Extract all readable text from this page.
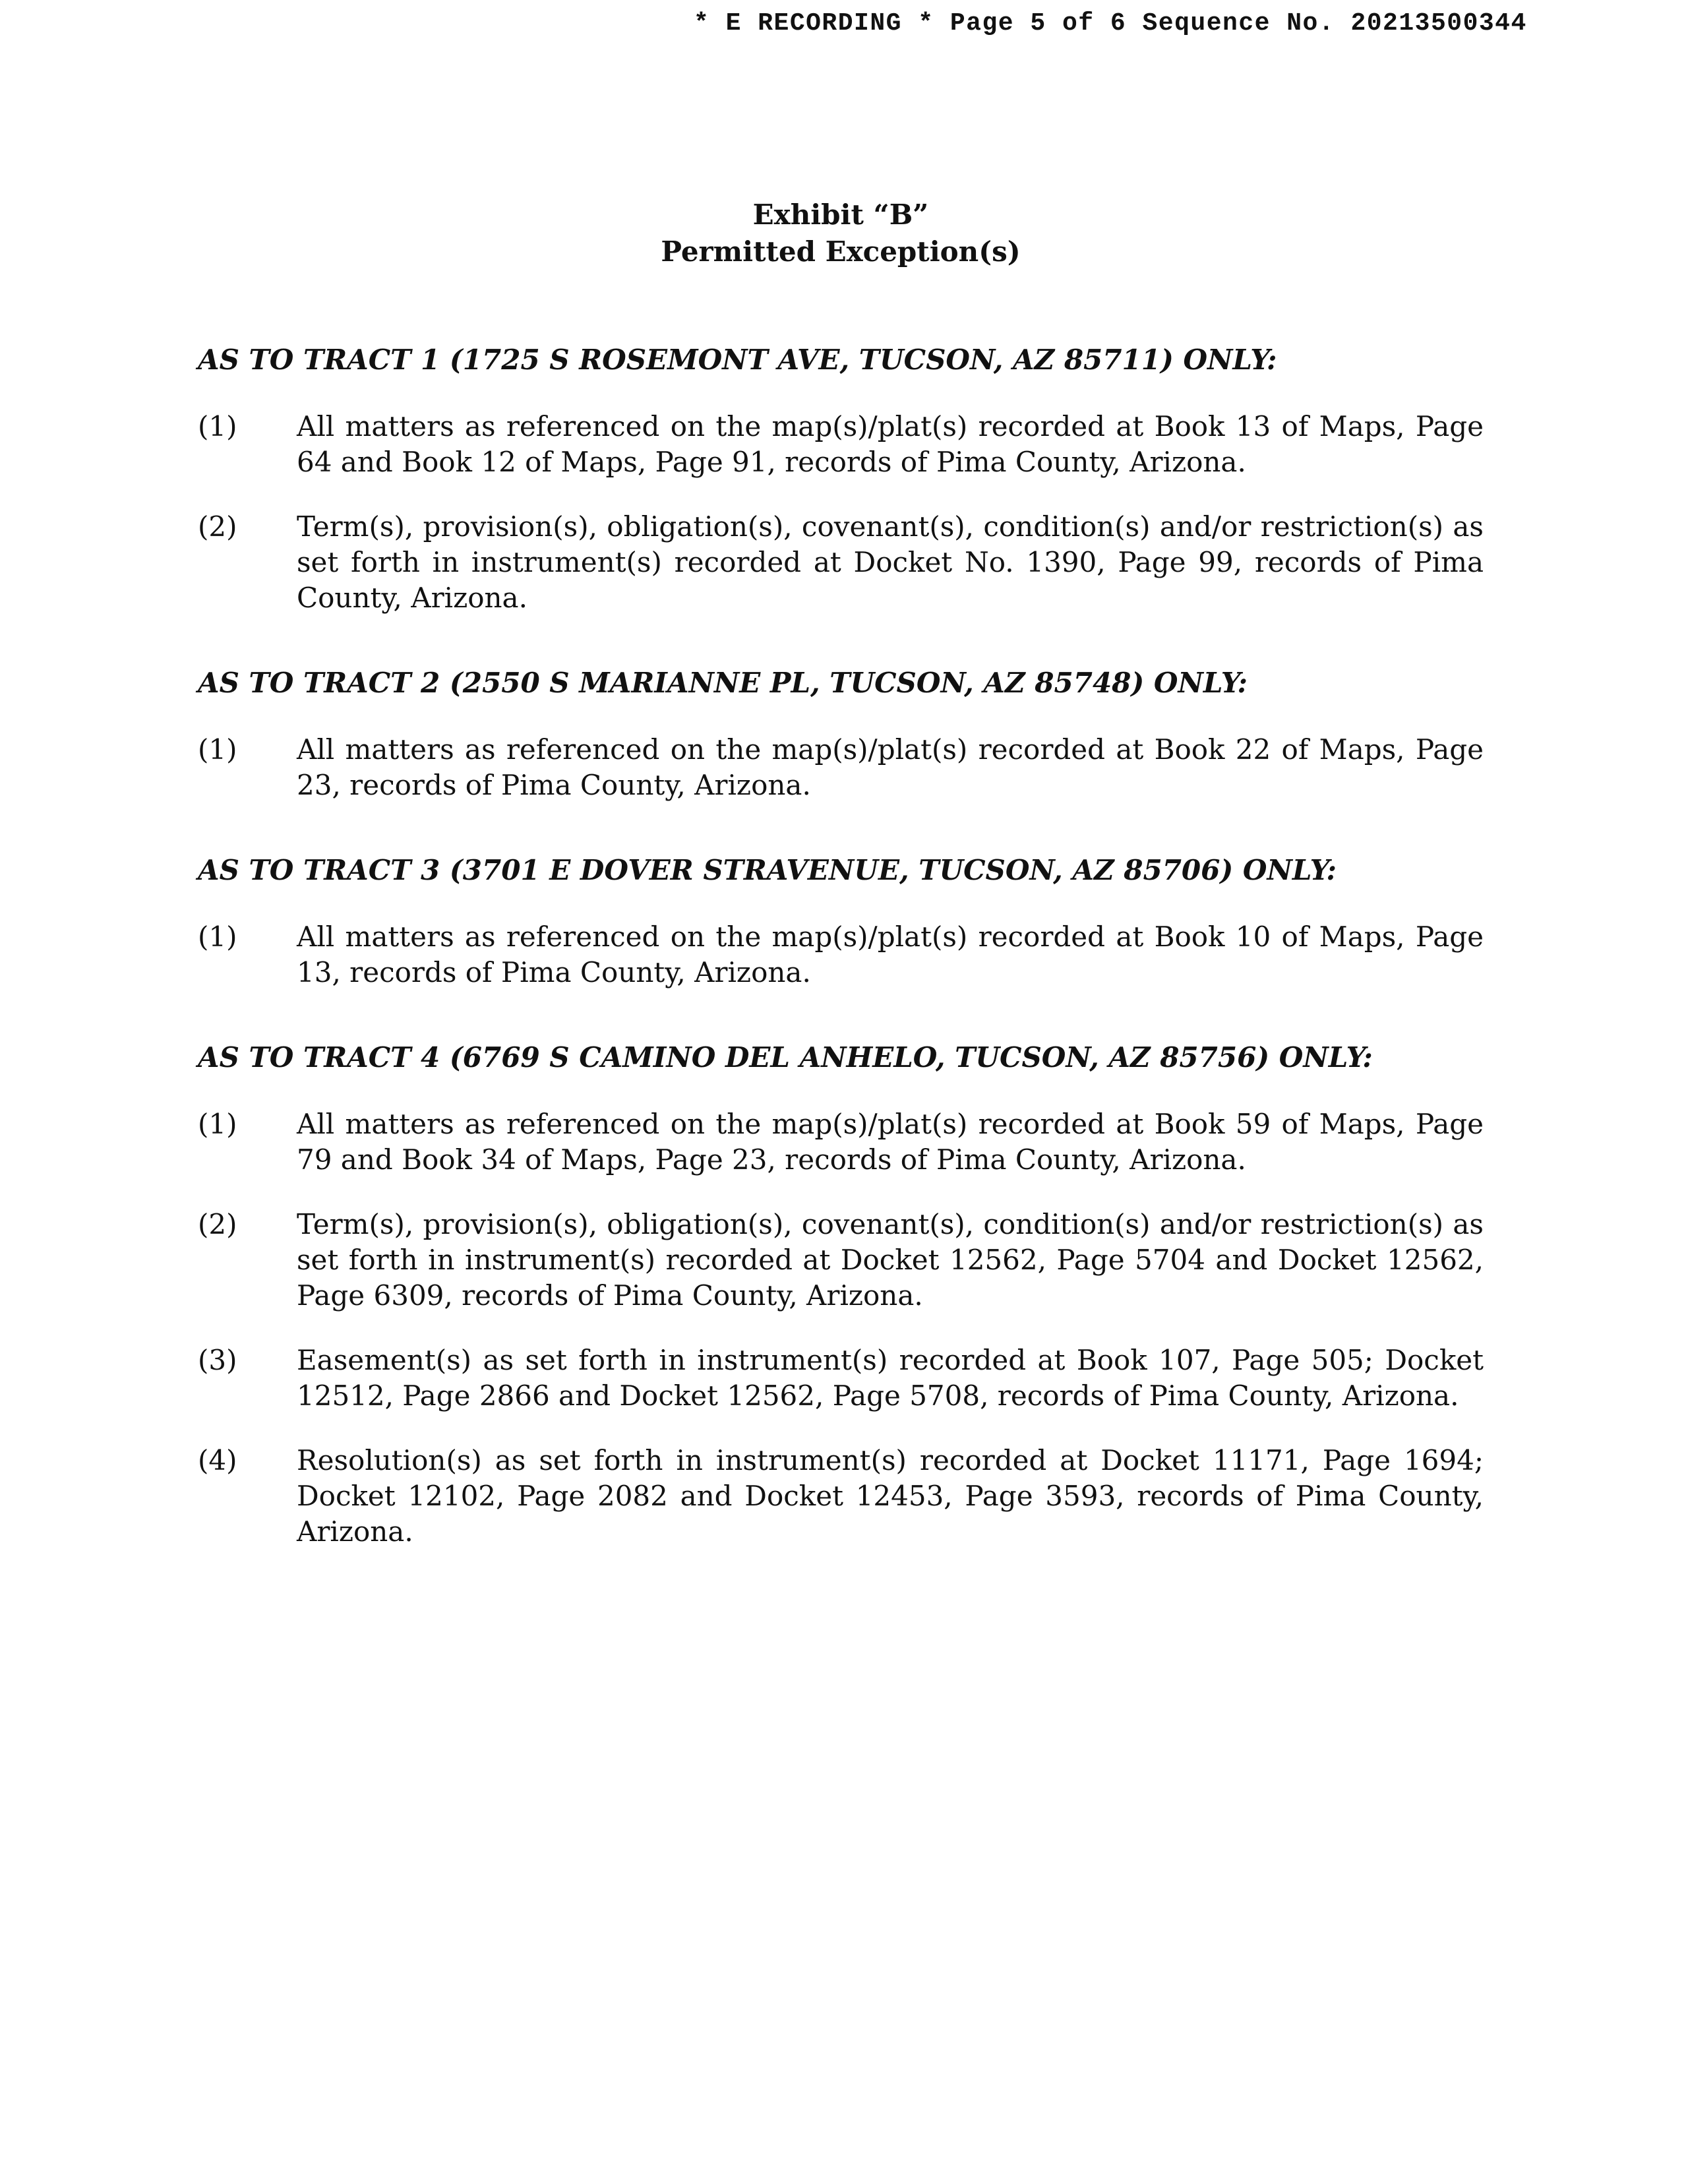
* E RECORDING * Page 5 of 6 Sequence No. 20213500344
Exhibit “B”
Permitted Exception(s)
AS TO TRACT 1 (1725 S ROSEMONT AVE, TUCSON, AZ 85711) ONLY:
(1) All matters as referenced on the map(s)/plat(s) recorded at Book 13 of Maps, Page 64 and Book 12 of Maps, Page 91, records of Pima County, Arizona.
(2) Term(s), provision(s), obligation(s), covenant(s), condition(s) and/or restriction(s) as set forth in instrument(s) recorded at Docket No. 1390, Page 99, records of Pima County, Arizona.
AS TO TRACT 2 (2550 S MARIANNE PL, TUCSON, AZ 85748) ONLY:
(1) All matters as referenced on the map(s)/plat(s) recorded at Book 22 of Maps, Page 23, records of Pima County, Arizona.
AS TO TRACT 3 (3701 E DOVER STRAVENUE, TUCSON, AZ 85706) ONLY:
(1) All matters as referenced on the map(s)/plat(s) recorded at Book 10 of Maps, Page 13, records of Pima County, Arizona.
AS TO TRACT 4 (6769 S CAMINO DEL ANHELO, TUCSON, AZ 85756) ONLY:
(1) All matters as referenced on the map(s)/plat(s) recorded at Book 59 of Maps, Page 79 and Book 34 of Maps, Page 23, records of Pima County, Arizona.
(2) Term(s), provision(s), obligation(s), covenant(s), condition(s) and/or restriction(s) as set forth in instrument(s) recorded at Docket 12562, Page 5704 and Docket 12562, Page 6309, records of Pima County, Arizona.
(3) Easement(s) as set forth in instrument(s) recorded at Book 107, Page 505; Docket 12512, Page 2866 and Docket 12562, Page 5708, records of Pima County, Arizona.
(4) Resolution(s) as set forth in instrument(s) recorded at Docket 11171, Page 1694; Docket 12102, Page 2082 and Docket 12453, Page 3593, records of Pima County, Arizona.
